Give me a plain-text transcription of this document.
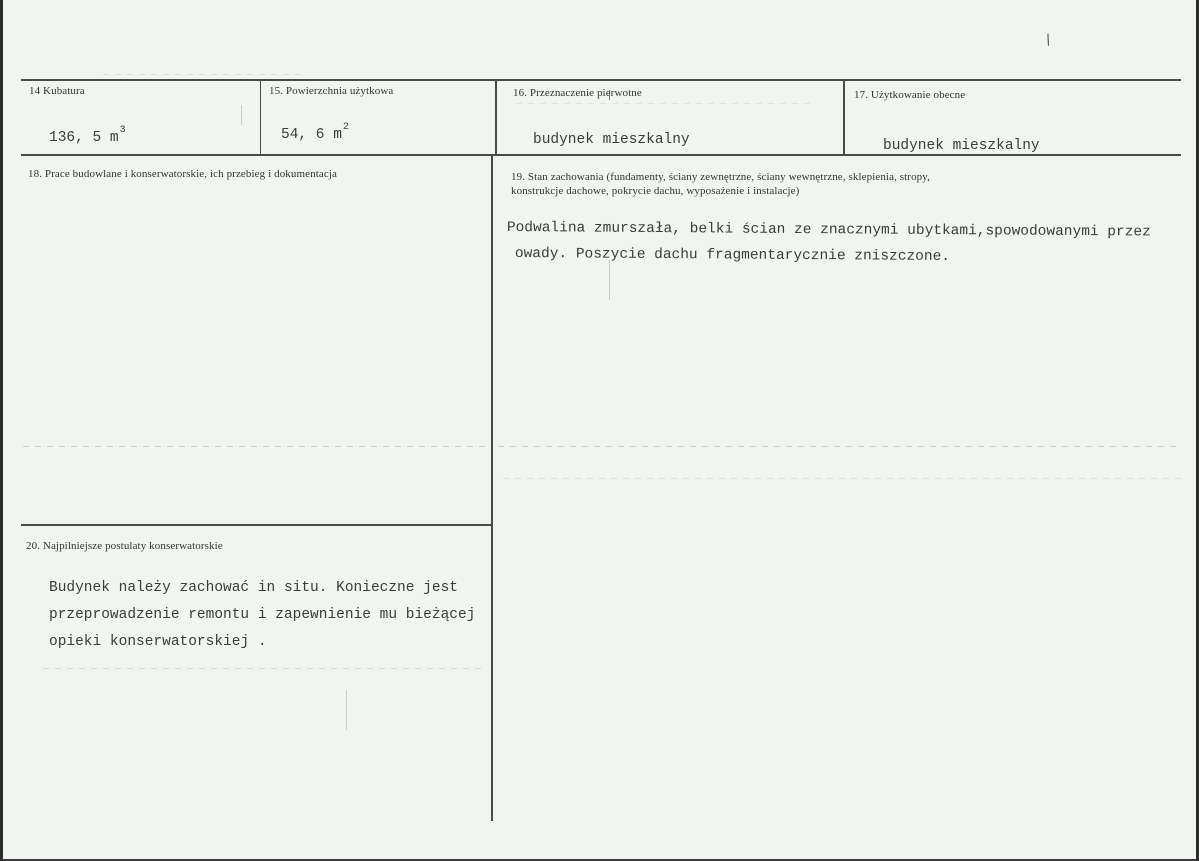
/
14 Kubatura
136, 5 $m^3$
15. Powierzchnia użytkowa
54, 6 $m^2$
16. Przeznaczenie pierwotne
budynek mieszkalny
17. Użytkowanie obecne
budynek mieszkalny
18. Prace budowlane i konserwatorskie, ich przebieg i dokumentacja	19. Stan zachowania (fundamenty, ściany zewnętrzne, ściany wewnętrzne, sklepienia, stropy,
konstrukcje dachowe, pokrycie dachu, wyposażenie i instalacje)
Podwalina zmurszała, belki ścian ze znacznymi ubytkami,spowodowanymi przez
owady. Poszycie dachu fragmentarycznie zniszczone.
20. Najpilniejsze postulaty konserwatorskie
Budynek należy zachować in situ. Konieczne jest
przeprowadzenie remontu i zapewnienie mu bieżącej
opieki konserwatorskiej .
